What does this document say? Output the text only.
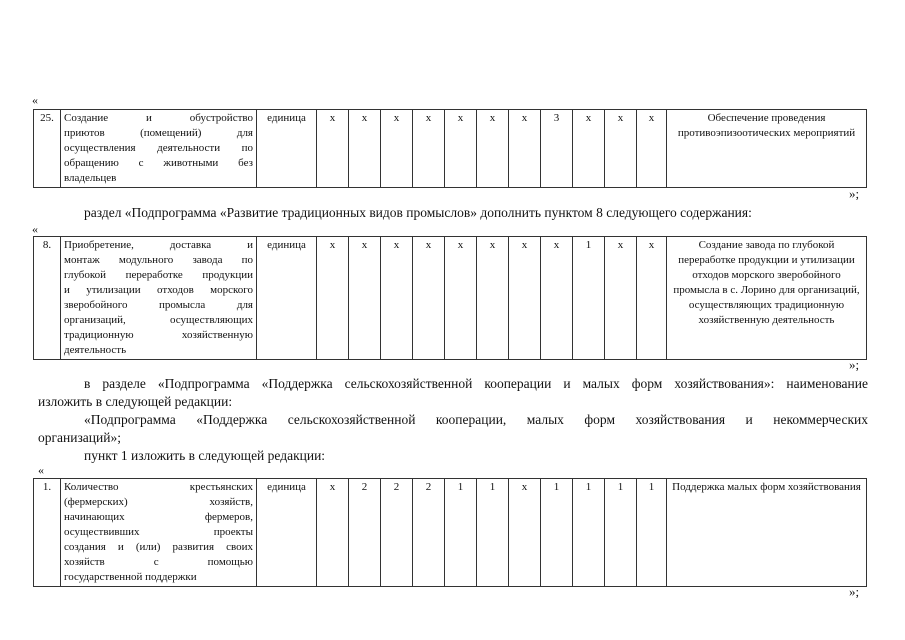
«
25.	Создание и обустройство
приютов (помещений) для
осуществления деятельности по
обращению с животными без
владельцев
	единица	х	х	х	х	х	х	х	3	х	х	х	Обеспечение проведения противоэпизоотических мероприятий
»;
раздел «Подпрограмма «Развитие традиционных видов промыслов» дополнить пунктом 8 следующего содержания:
«
8.	Приобретение, доставка и
монтаж модульного завода по
глубокой переработке продукции
и утилизации отходов морского
зверобойного промысла для
организаций, осуществляющих
традиционную хозяйственную
деятельность
	единица	х	х	х	х	х	х	х	х	1	х	х	Создание завода по глубокой переработке продукции и утилизации отходов морского зверобойного промысла в с. Лорино для организаций, осуществляющих традиционную хозяйственную деятельность
»;
в разделе «Подпрограмма «Поддержка сельскохозяйственной кооперации и малых форм хозяйствования»: наименование
изложить в следующей редакции:
«Подпрограмма «Поддержка сельскохозяйственной кооперации, малых форм хозяйствования и некоммерческих
организаций»;
пункт 1 изложить в следующей редакции:
«
1.	Количество крестьянских
(фермерских) хозяйств,
начинающих фермеров,
осуществивших проекты
создания и (или) развития своих
хозяйств с помощью
государственной поддержки
	единица	х	2	2	2	1	1	х	1	1	1	1	Поддержка малых форм хозяйствования
»;
